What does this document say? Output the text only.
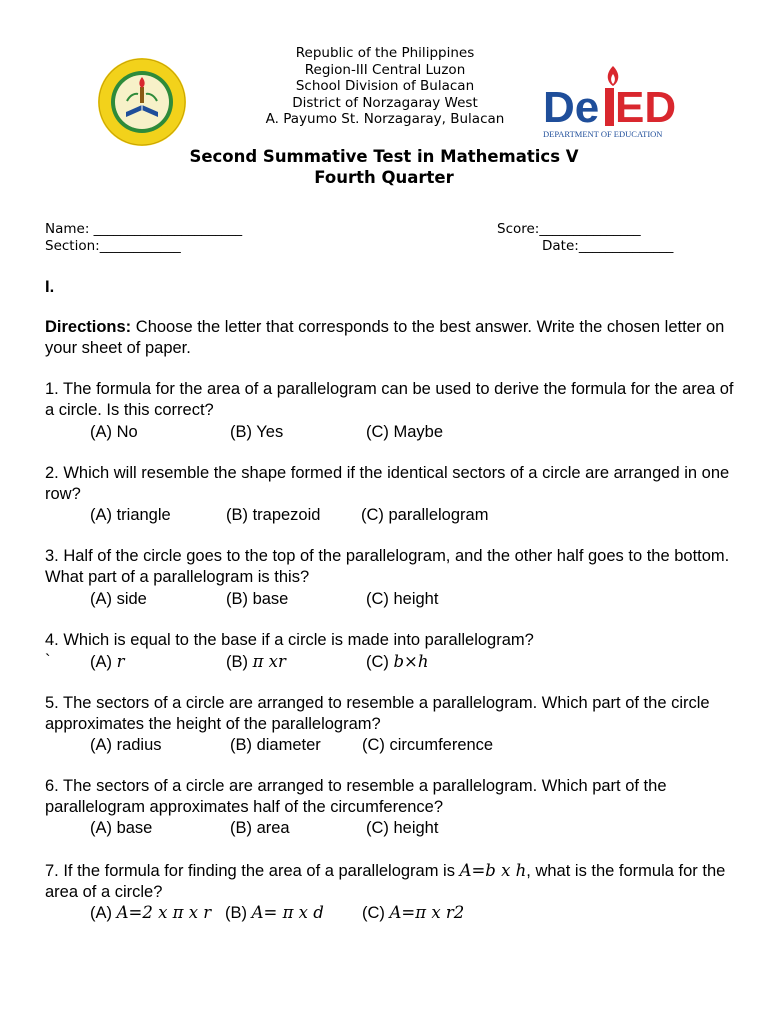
De ED
DEPARTMENT OF EDUCATION
Republic of the Philippines
Region-III Central Luzon
School Division of Bulacan
District of Norzagaray West
A. Payumo St. Norzagaray, Bulacan
Second Summative Test in Mathematics V
Fourth Quarter
Name: ______________________	Score:_______________
Section:____________	Date:______________
I.
Directions: Choose the letter that corresponds to the best answer. Write the chosen letter on your sheet of paper.
1. The formula for the area of a parallelogram can be used to derive the formula for the area of a circle. Is this correct?
(A) No	(B) Yes	(C) Maybe
2. Which will resemble the shape formed if the identical sectors of a circle are arranged in one row?
(A) triangle	(B) trapezoid (C) parallelogram
3. Half of the circle goes to the top of the parallelogram, and the other half goes to the bottom. What part of a parallelogram is this?
(A) side	(B) base	(C) height
4. Which is equal to the base if a circle is made into parallelogram?
` (A) r	(B) π xr	(C) b×h
5. The sectors of a circle are arranged to resemble a parallelogram. Which part of the circle approximates the height of the parallelogram?
(A) radius	(B) diameter (C) circumference
6. The sectors of a circle are arranged to resemble a parallelogram. Which part of the parallelogram approximates half of the circumference?
(A) base	(B) area	(C) height
7. If the formula for finding the area of a parallelogram is A=b x h, what is the formula for the area of a circle?
(A) A=2 x π x r (B) A= π x d (C) A=π x r2
